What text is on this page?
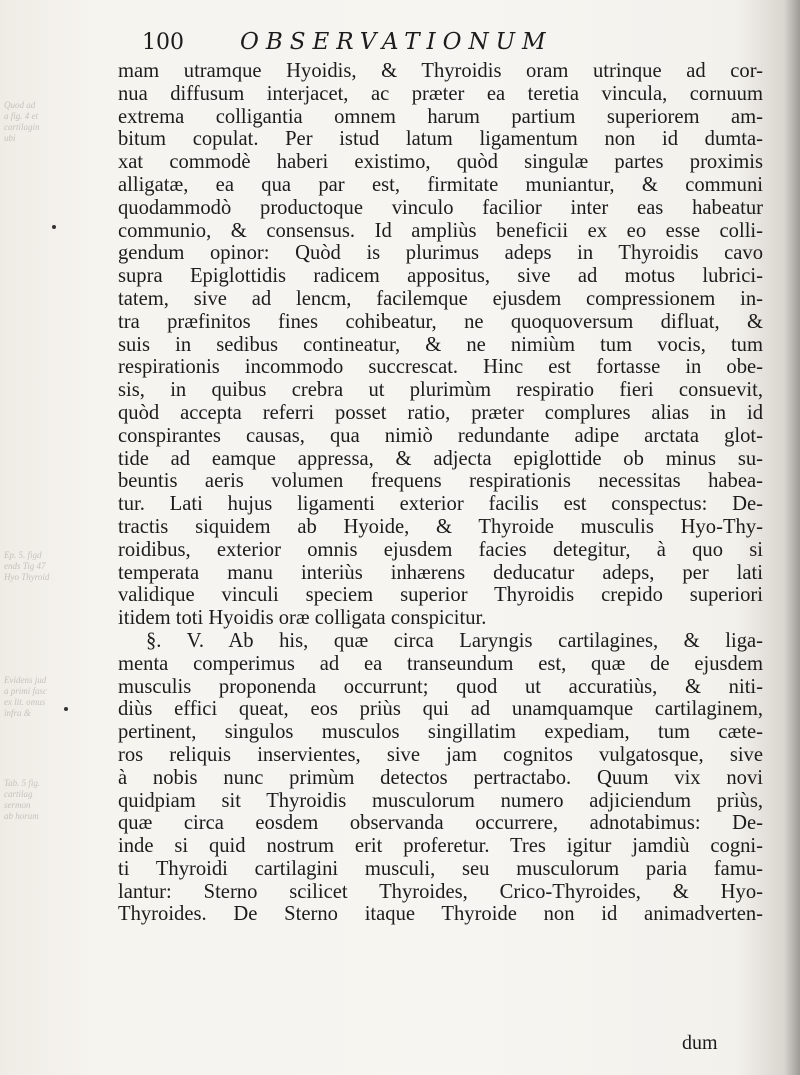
Quod ad
a fig. 4 et
cartilagin
ubi
Ep. 5. figd
ends Tig 47
Hyo Thyroid
Evidens jud
a primi fasc
ex lit. omus
infra &
Tab. 5 fig.
cartilag
sermon
ab horum
100 OBSERVATIONUM
mam utramque Hyoidis, & Thyroidis oram utrinque ad cor-
nua diffusum interjacet, ac præter ea teretia vincula, cornuum
extrema colligantia omnem harum partium superiorem am-
bitum copulat. Per istud latum ligamentum non id dumta-
xat commodè haberi existimo, quòd singulæ partes proximis
alligatæ, ea qua par est, firmitate muniantur, & communi
quodammodò productoque vinculo facilior inter eas habeatur
communio, & consensus. Id ampliùs beneficii ex eo esse colli-
gendum opinor: Quòd is plurimus adeps in Thyroidis cavo
supra Epiglottidis radicem appositus, sive ad motus lubrici-
tatem, sive ad lencm, facilemque ejusdem compressionem in-
tra præfinitos fines cohibeatur, ne quoquoversum difluat, &
suis in sedibus contineatur, & ne nimiùm tum vocis, tum
respirationis incommodo succrescat. Hinc est fortasse in obe-
sis, in quibus crebra ut plurimùm respiratio fieri consuevit,
quòd accepta referri posset ratio, præter complures alias in id
conspirantes causas, qua nimiò redundante adipe arctata glot-
tide ad eamque appressa, & adjecta epiglottide ob minus su-
beuntis aeris volumen frequens respirationis necessitas habea-
tur. Lati hujus ligamenti exterior facilis est conspectus: De-
tractis siquidem ab Hyoide, & Thyroide musculis Hyo-Thy-
roidibus, exterior omnis ejusdem facies detegitur, à quo si
temperata manu interiùs inhærens deducatur adeps, per lati
validique vinculi speciem superior Thyroidis crepido superiori
itidem toti Hyoidis oræ colligata conspicitur.
§. V. Ab his, quæ circa Laryngis cartilagines, & liga-
menta comperimus ad ea transeundum est, quæ de ejusdem
musculis proponenda occurrunt; quod ut accuratiùs, & niti-
diùs effici queat, eos priùs qui ad unamquamque cartilaginem,
pertinent, singulos musculos singillatim expediam, tum cæte-
ros reliquis inservientes, sive jam cognitos vulgatosque, sive
à nobis nunc primùm detectos pertractabo. Quum vix novi
quidpiam sit Thyroidis musculorum numero adjiciendum priùs,
quæ circa eosdem observanda occurrere, adnotabimus: De-
inde si quid nostrum erit proferetur. Tres igitur jamdiù cogni-
ti Thyroidi cartilagini musculi, seu musculorum paria famu-
lantur: Sterno scilicet Thyroides, Crico-Thyroides, & Hyo-
Thyroides. De Sterno itaque Thyroide non id animadverten-
dum
